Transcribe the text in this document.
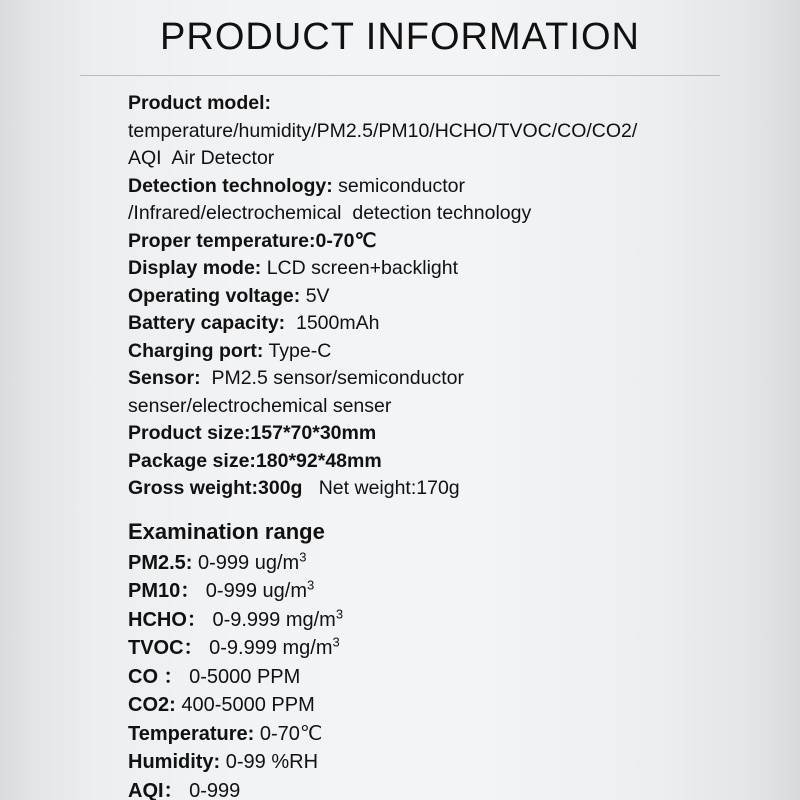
PRODUCT INFORMATION
Product model:
temperature/humidity/PM2.5/PM10/HCHO/TVOC/CO/CO2/
AQI  Air Detector
Detection technology: semiconductor
/Infrared/electrochemical  detection technology
Proper temperature:0-70℃
Display mode: LCD screen+backlight
Operating voltage: 5V
Battery capacity:  1500mAh
Charging port: Type-C
Sensor:  PM2.5 sensor/semiconductor
senser/electrochemical senser
Product size:157*70*30mm
Package size:180*92*48mm
Gross weight:300g   Net weight:170g
Examination range
PM2.5: 0-999 $ug/m^3$
PM10： 0-999 $ug/m^3$
HCHO： 0-9.999 $mg/m^3$
TVOC： 0-9.999 $mg/m^3$
CO ： 0-5000 PPM
CO2: 400-5000 PPM
Temperature: 0-70℃
Humidity: 0-99 %RH
AQI： 0-999
